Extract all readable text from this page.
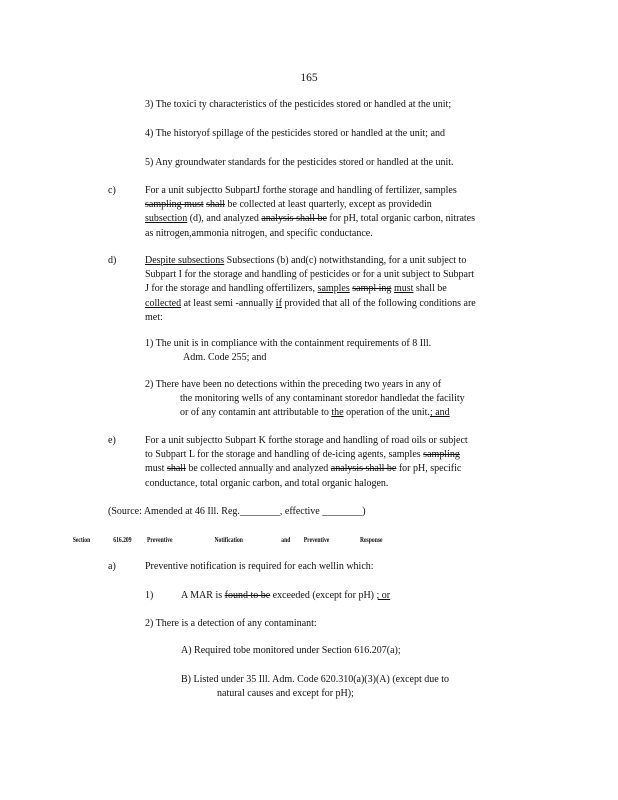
165
3) The toxici ty characteristics of the pesticides stored or handled at the unit;
4) The historyof spillage of the pesticides stored or handled at the unit; and
5) Any groundwater standards for the pesticides stored or handled at the unit.
c)	For a unit subjectto SubpartJ forthe storage and handling of fertilizer, samples
sampling must shall be collected at least quarterly, except as providedin
subsection (d), and analyzed analysis shall be for pH, total organic carbon, nitrates
as nitrogen,ammonia nitrogen, and specific conductance.
d)	Despite subsections Subsections (b) and(c) notwithstanding, for a unit subject to
Subpart I for the storage and handling of pesticides or for a unit subject to Subpart
J for the storage and handling offertilizers, samples sampl ing must shall be
collected at least semi -annually if provided that all of the following conditions are
met:
1) The unit is in compliance with the containment requirements of 8 Ill.
Adm. Code 255; and
2) There have been no detections within the preceding two years in any of
the monitoring wells of any contaminant storedor handledat the facility
or of any contamin ant attributable to the operation of the unit.; and
e)	For a unit subjectto Subpart K forthe storage and handling of road oils or subject
to Subpart L for the storage and handling of de-icing agents, samples sampling
must shall be collected annually and analyzed analysis shall be for pH, specific
conductance, total organic carbon, and total organic halogen.
(Source: Amended at 46 Ill. Reg.________, effective ________)
Section	616.209 Preventive	Notification	and Preventive	Response
a)	Preventive notification is required for each wellin which:
1)	A MAR is found to be exceeded (except for pH) ; or
2) There is a detection of any contaminant:
A) Required tobe monitored under Section 616.207(a);
B) Listed under 35 Ill. Adm. Code 620.310(a)(3)(A) (except due to
natural causes and except for pH);
